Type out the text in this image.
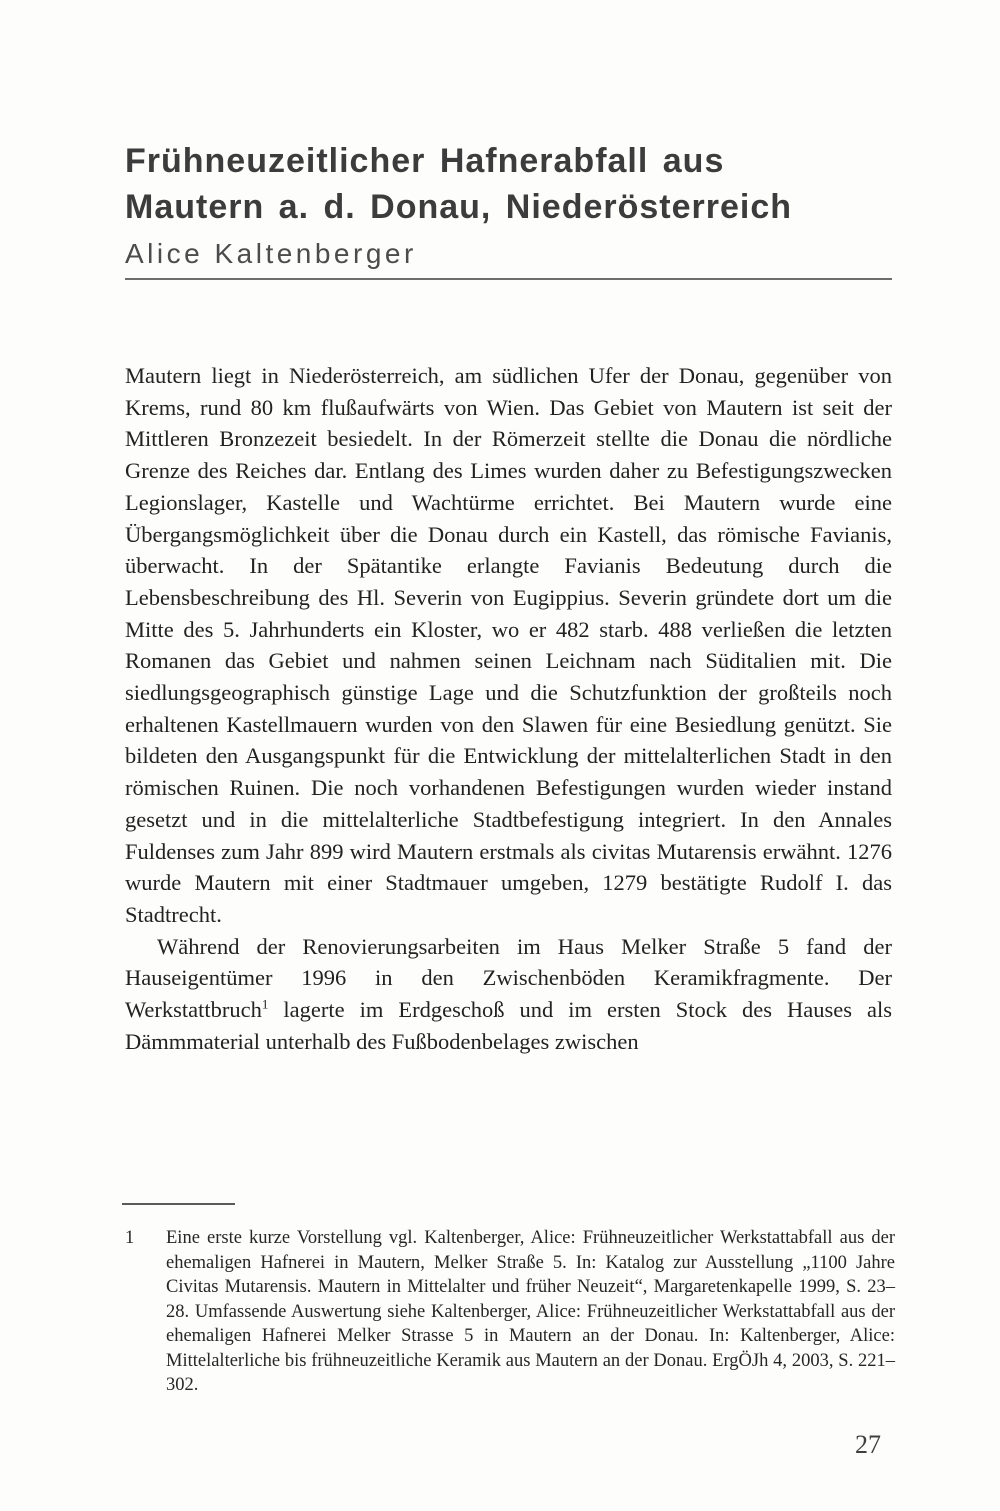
Frühneuzeitlicher Hafnerabfall aus
Mautern a. d. Donau, Niederösterreich
Alice Kaltenberger

Mautern liegt in Niederösterreich, am südlichen Ufer der Donau, gegenüber von Krems, rund 80 km flußaufwärts von Wien. Das Gebiet von Mautern ist seit der Mittleren Bronzezeit besiedelt. In der Römerzeit stellte die Donau die nördliche Grenze des Reiches dar. Entlang des Limes wurden daher zu Befestigungszwecken Legionslager, Kastelle und Wachtürme errichtet. Bei Mautern wurde eine Übergangsmöglichkeit über die Donau durch ein Kastell, das römische Favianis, überwacht. In der Spätantike erlangte Favianis Bedeutung durch die Lebensbeschreibung des Hl. Severin von Eugippius. Severin gründete dort um die Mitte des 5. Jahrhunderts ein Kloster, wo er 482 starb. 488 verließen die letzten Romanen das Gebiet und nahmen seinen Leichnam nach Süditalien mit. Die siedlungsgeographisch günstige Lage und die Schutzfunktion der großteils noch erhaltenen Kastellmauern wurden von den Slawen für eine Besiedlung genützt. Sie bildeten den Ausgangspunkt für die Entwicklung der mittelalterlichen Stadt in den römischen Ruinen. Die noch vorhandenen Befestigungen wurden wieder instand gesetzt und in die mittelalterliche Stadtbefestigung integriert. In den Annales Fuldenses zum Jahr 899 wird Mautern erstmals als civitas Mutarensis erwähnt. 1276 wurde Mautern mit einer Stadtmauer umgeben, 1279 bestätigte Rudolf I. das Stadtrecht.

Während der Renovierungsarbeiten im Haus Melker Straße 5 fand der Hauseigentümer 1996 in den Zwischenböden Keramikfragmente. Der Werkstattbruch$^1$ lagerte im Erdgeschoß und im ersten Stock des Hauses als Dämmmaterial unterhalb des Fußbodenbelages zwischen

1 Eine erste kurze Vorstellung vgl. Kaltenberger, Alice: Frühneuzeitlicher Werkstattabfall aus der ehemaligen Hafnerei in Mautern, Melker Straße 5. In: Katalog zur Ausstellung „1100 Jahre Civitas Mutarensis. Mautern in Mittelalter und früher Neuzeit“, Margaretenkapelle 1999, S. 23–28. Umfassende Auswertung siehe Kaltenberger, Alice: Frühneuzeitlicher Werkstattabfall aus der ehemaligen Hafnerei Melker Strasse 5 in Mautern an der Donau. In: Kaltenberger, Alice: Mittelalterliche bis frühneuzeitliche Keramik aus Mautern an der Donau. ErgÖJh 4, 2003, S. 221–302.
27
